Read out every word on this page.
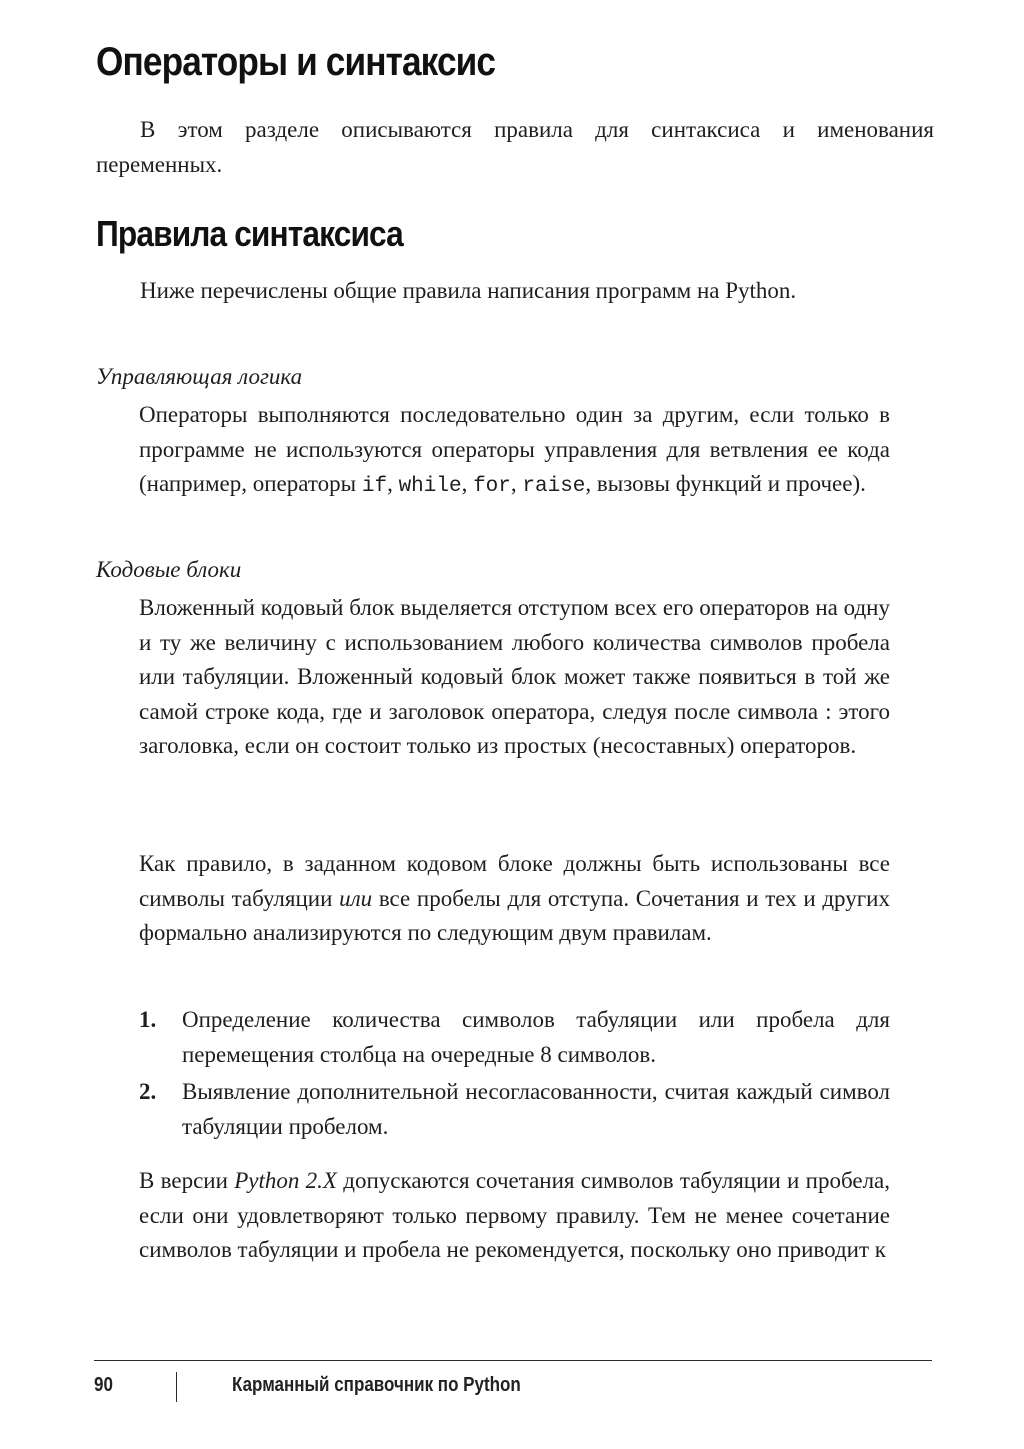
Операторы и синтаксис

В этом разделе описываются правила для синтаксиса и именования переменных.

Правила синтаксиса

Ниже перечислены общие правила написания программ на Python.

Управляющая логика

Операторы выполняются последовательно один за другим, если только в программе не используются операторы управления для ветвления ее кода (например, операторы if, while, for, raise, вызовы функций и прочее).

Кодовые блоки

Вложенный кодовый блок выделяется отступом всех его операторов на одну и ту же величину с использованием любого количества символов пробела или табуляции. Вложенный кодовый блок может также появиться в той же самой строке кода, где и заголовок оператора, следуя после символа : этого заголовка, если он состоит только из простых (несоставных) операторов.

Как правило, в заданном кодовом блоке должны быть использованы все символы табуляции или все пробелы для отступа. Сочетания и тех и других формально анализируются по следующим двум правилам.

1. Определение количества символов табуляции или пробела для перемещения столбца на очередные 8 символов.
2. Выявление дополнительной несогласованности, считая каждый символ табуляции пробелом.

В версии Python 2.X допускаются сочетания символов табуляции и пробела, если они удовлетворяют только первому правилу. Тем не менее сочетание символов табуляции и пробела не рекомендуется, поскольку оно приводит к

90	Карманный справочник по Python
